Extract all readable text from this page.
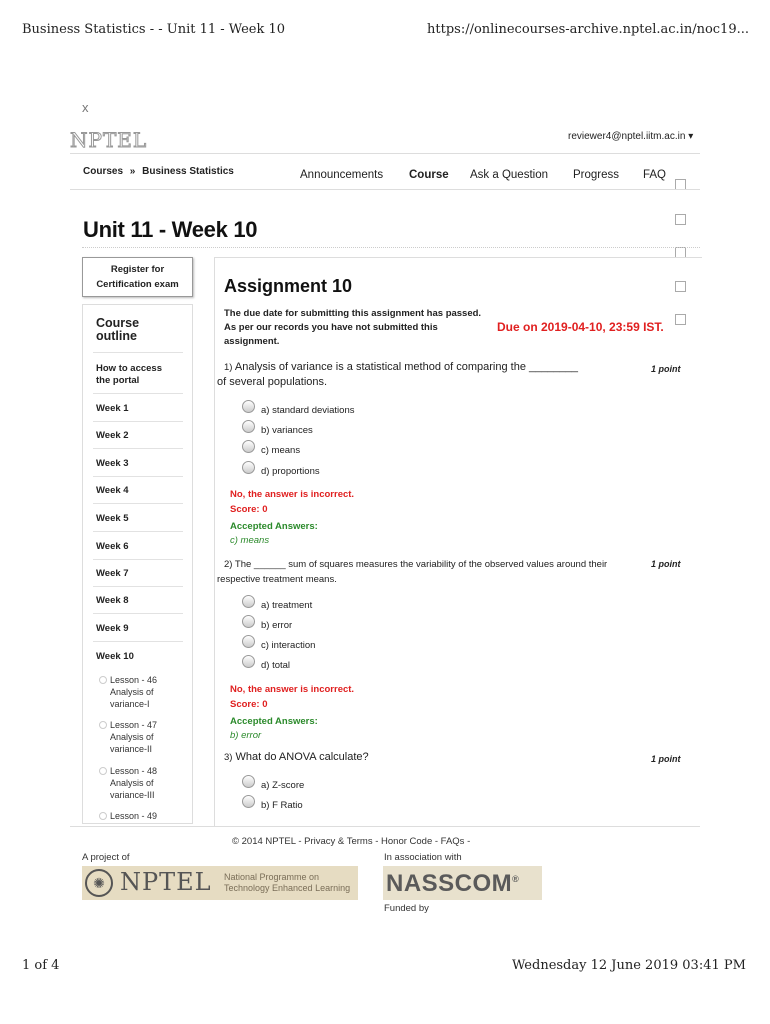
Business Statistics - - Unit 11 - Week 10	https://onlinecourses-archive.nptel.ac.in/noc19...
x
NPTEL	reviewer4@nptel.iitm.ac.in ▾
Courses » Business Statistics	Announcements Course Ask a Question Progress FAQ
Unit 11 - Week 10
Register for
Certification exam
Course
outline
How to access
the portal
Week 1
Week 2
Week 3
Week 4
Week 5
Week 6
Week 7
Week 8
Week 9
Week 10
Lesson - 46
Analysis of
variance-I
Lesson - 47
Analysis of
variance-II
Lesson - 48
Analysis of
variance-III
Lesson - 49
Assignment 10
The due date for submitting this assignment has passed.
As per our records you have not submitted this
assignment.
Due on 2019-04-10, 23:59 IST.
1) Analysis of variance is a statistical method of comparing the ________
of several populations.
1 point
a) standard deviations
b) variances
c) means
d) proportions
No, the answer is incorrect.
Score: 0
Accepted Answers:
c) means
2) The ______ sum of squares measures the variability of the observed values around their
respective treatment means.
1 point
a) treatment
b) error
c) interaction
d) total
No, the answer is incorrect.
Score: 0
Accepted Answers:
b) error
3) What do ANOVA calculate?	1 point
a) Z-score
b) F Ratio
© 2014 NPTEL - Privacy & Terms - Honor Code - FAQs -
A project of	In association with
✺ NPTEL National Programme on
Technology Enhanced Learning NASSCOM®
Funded by
1 of 4	Wednesday 12 June 2019 03:41 PM
